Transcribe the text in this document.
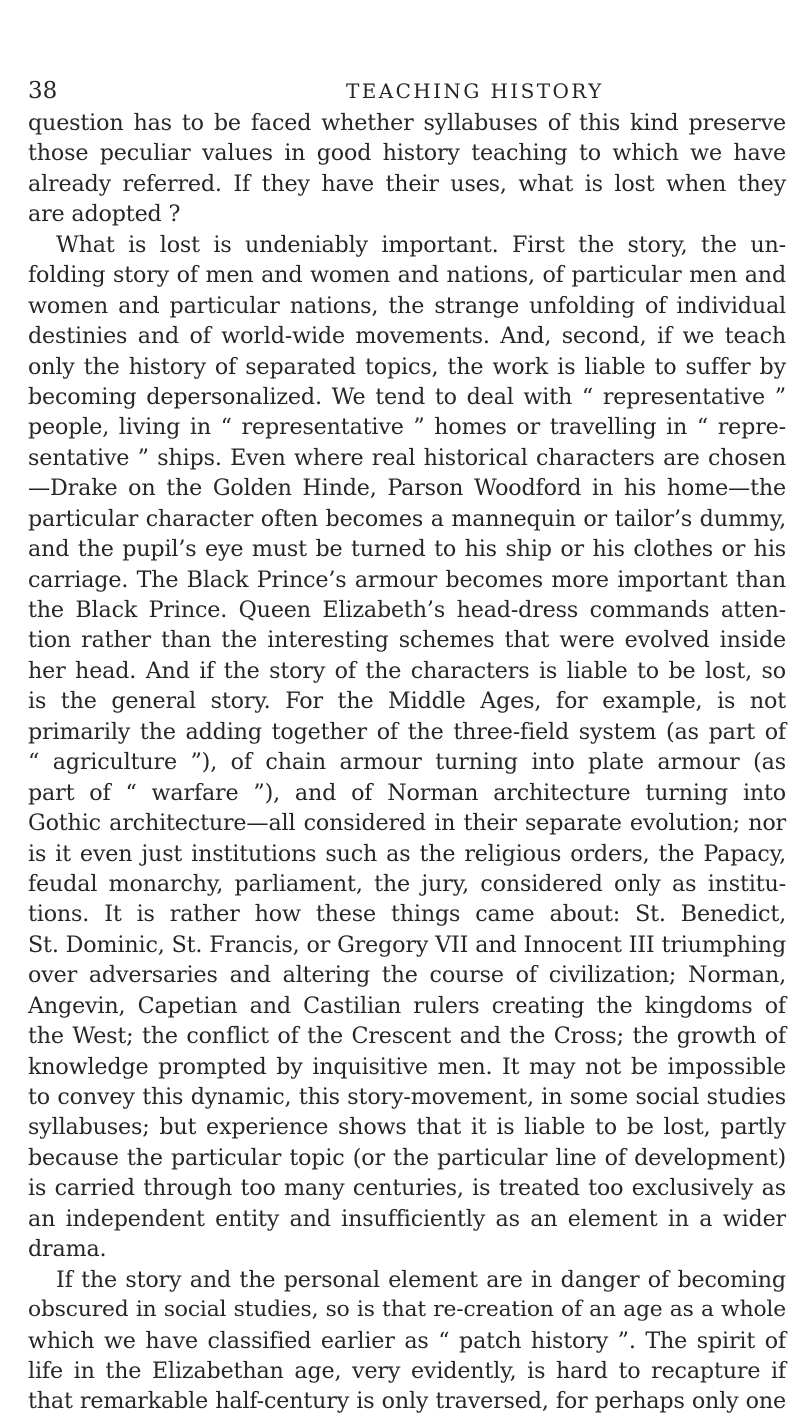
38	TEACHING HISTORY
question has to be faced whether syllabuses of this kind preserve
those peculiar values in good history teaching to which we have
already referred. If they have their uses, what is lost when they
are adopted ?
What is lost is undeniably important. First the story, the un-
folding story of men and women and nations, of particular men and
women and particular nations, the strange unfolding of individual
destinies and of world-wide movements. And, second, if we teach
only the history of separated topics, the work is liable to suffer by
becoming depersonalized. We tend to deal with “ representative ”
people, living in “ representative ” homes or travelling in “ repre-
sentative ” ships. Even where real historical characters are chosen
—Drake on the Golden Hinde, Parson Woodford in his home—the
particular character often becomes a mannequin or tailor’s dummy,
and the pupil’s eye must be turned to his ship or his clothes or his
carriage. The Black Prince’s armour becomes more important than
the Black Prince. Queen Elizabeth’s head-dress commands atten-
tion rather than the interesting schemes that were evolved inside
her head. And if the story of the characters is liable to be lost, so
is the general story. For the Middle Ages, for example, is not
primarily the adding together of the three-field system (as part of
“ agriculture ”), of chain armour turning into plate armour (as
part of “ warfare ”), and of Norman architecture turning into
Gothic architecture—all considered in their separate evolution; nor
is it even just institutions such as the religious orders, the Papacy,
feudal monarchy, parliament, the jury, considered only as institu-
tions. It is rather how these things came about: St. Benedict,
St. Dominic, St. Francis, or Gregory VII and Innocent III triumphing
over adversaries and altering the course of civilization; Norman,
Angevin, Capetian and Castilian rulers creating the kingdoms of
the West; the conflict of the Crescent and the Cross; the growth of
knowledge prompted by inquisitive men. It may not be impossible
to convey this dynamic, this story-movement, in some social studies
syllabuses; but experience shows that it is liable to be lost, partly
because the particular topic (or the particular line of development)
is carried through too many centuries, is treated too exclusively as
an independent entity and insufficiently as an element in a wider
drama.
If the story and the personal element are in danger of becoming
obscured in social studies, so is that re-creation of an age as a whole
which we have classified earlier as “ patch history ”. The spirit of
life in the Elizabethan age, very evidently, is hard to recapture if
that remarkable half-century is only traversed, for perhaps only one
